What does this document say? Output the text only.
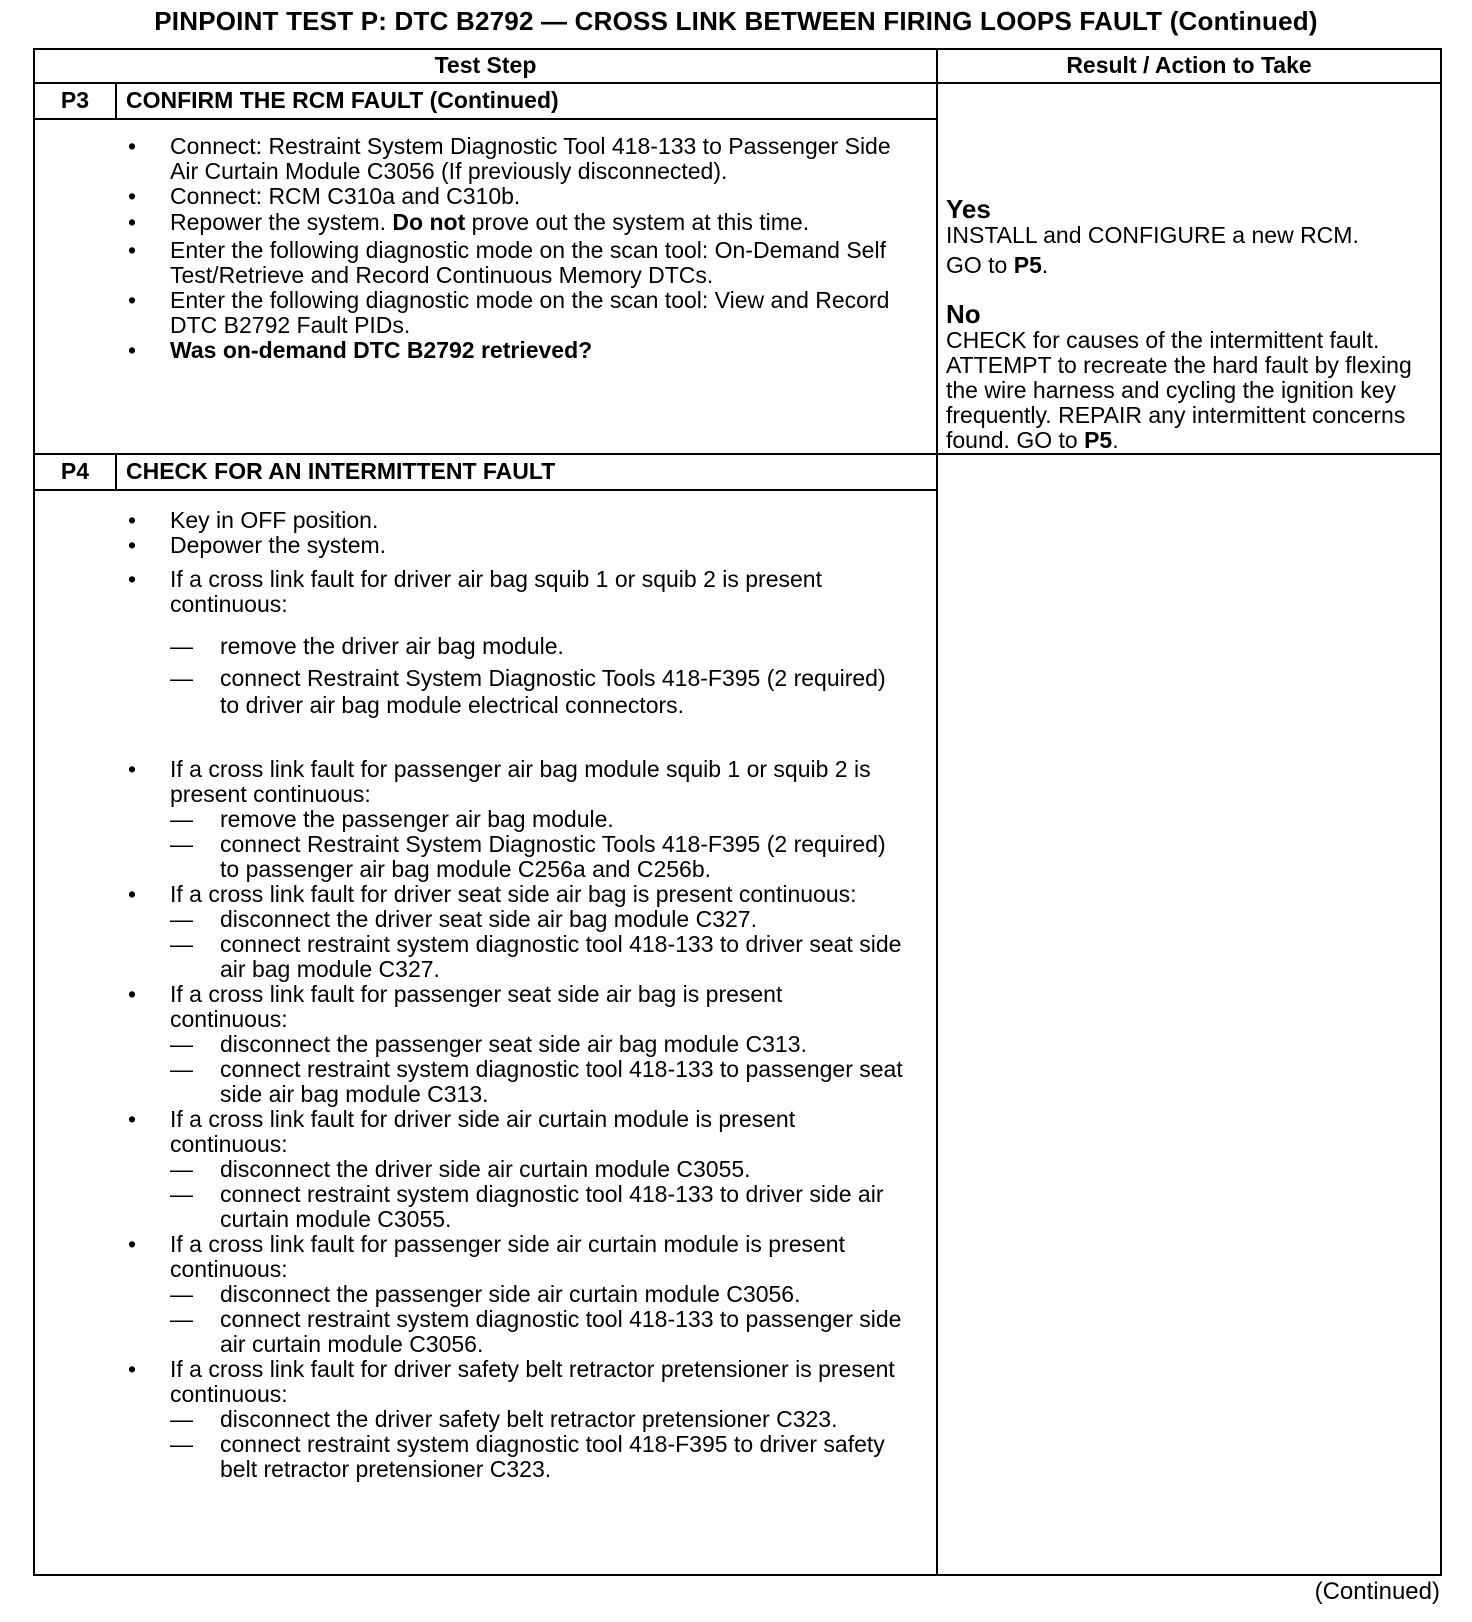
PINPOINT TEST P: DTC B2792 — CROSS LINK BETWEEN FIRING LOOPS FAULT (Continued)
Test Step	Result / Action to Take
P3	CONFIRM THE RCM FAULT (Continued)
• Connect: Restraint System Diagnostic Tool 418-133 to Passenger Side Air Curtain Module C3056 (If previously disconnected).
• Connect: RCM C310a and C310b.
• Repower the system. Do not prove out the system at this time.
• Enter the following diagnostic mode on the scan tool: On-Demand Self Test/Retrieve and Record Continuous Memory DTCs.
• Enter the following diagnostic mode on the scan tool: View and Record DTC B2792 Fault PIDs.
• Was on-demand DTC B2792 retrieved?
Yes
INSTALL and CONFIGURE a new RCM.
GO to P5.
No
CHECK for causes of the intermittent fault. ATTEMPT to recreate the hard fault by flexing the wire harness and cycling the ignition key frequently. REPAIR any intermittent concerns found. GO to P5.
P4	CHECK FOR AN INTERMITTENT FAULT
• Key in OFF position.
• Depower the system.
• If a cross link fault for driver air bag squib 1 or squib 2 is present continuous:
— remove the driver air bag module.
— connect Restraint System Diagnostic Tools 418-F395 (2 required) to driver air bag module electrical connectors.
• If a cross link fault for passenger air bag module squib 1 or squib 2 is present continuous:
— remove the passenger air bag module.
— connect Restraint System Diagnostic Tools 418-F395 (2 required) to passenger air bag module C256a and C256b.
• If a cross link fault for driver seat side air bag is present continuous:
— disconnect the driver seat side air bag module C327.
— connect restraint system diagnostic tool 418-133 to driver seat side air bag module C327.
• If a cross link fault for passenger seat side air bag is present continuous:
— disconnect the passenger seat side air bag module C313.
— connect restraint system diagnostic tool 418-133 to passenger seat side air bag module C313.
• If a cross link fault for driver side air curtain module is present continuous:
— disconnect the driver side air curtain module C3055.
— connect restraint system diagnostic tool 418-133 to driver side air curtain module C3055.
• If a cross link fault for passenger side air curtain module is present continuous:
— disconnect the passenger side air curtain module C3056.
— connect restraint system diagnostic tool 418-133 to passenger side air curtain module C3056.
• If a cross link fault for driver safety belt retractor pretensioner is present continuous:
— disconnect the driver safety belt retractor pretensioner C323.
— connect restraint system diagnostic tool 418-F395 to driver safety belt retractor pretensioner C323.
(Continued)
